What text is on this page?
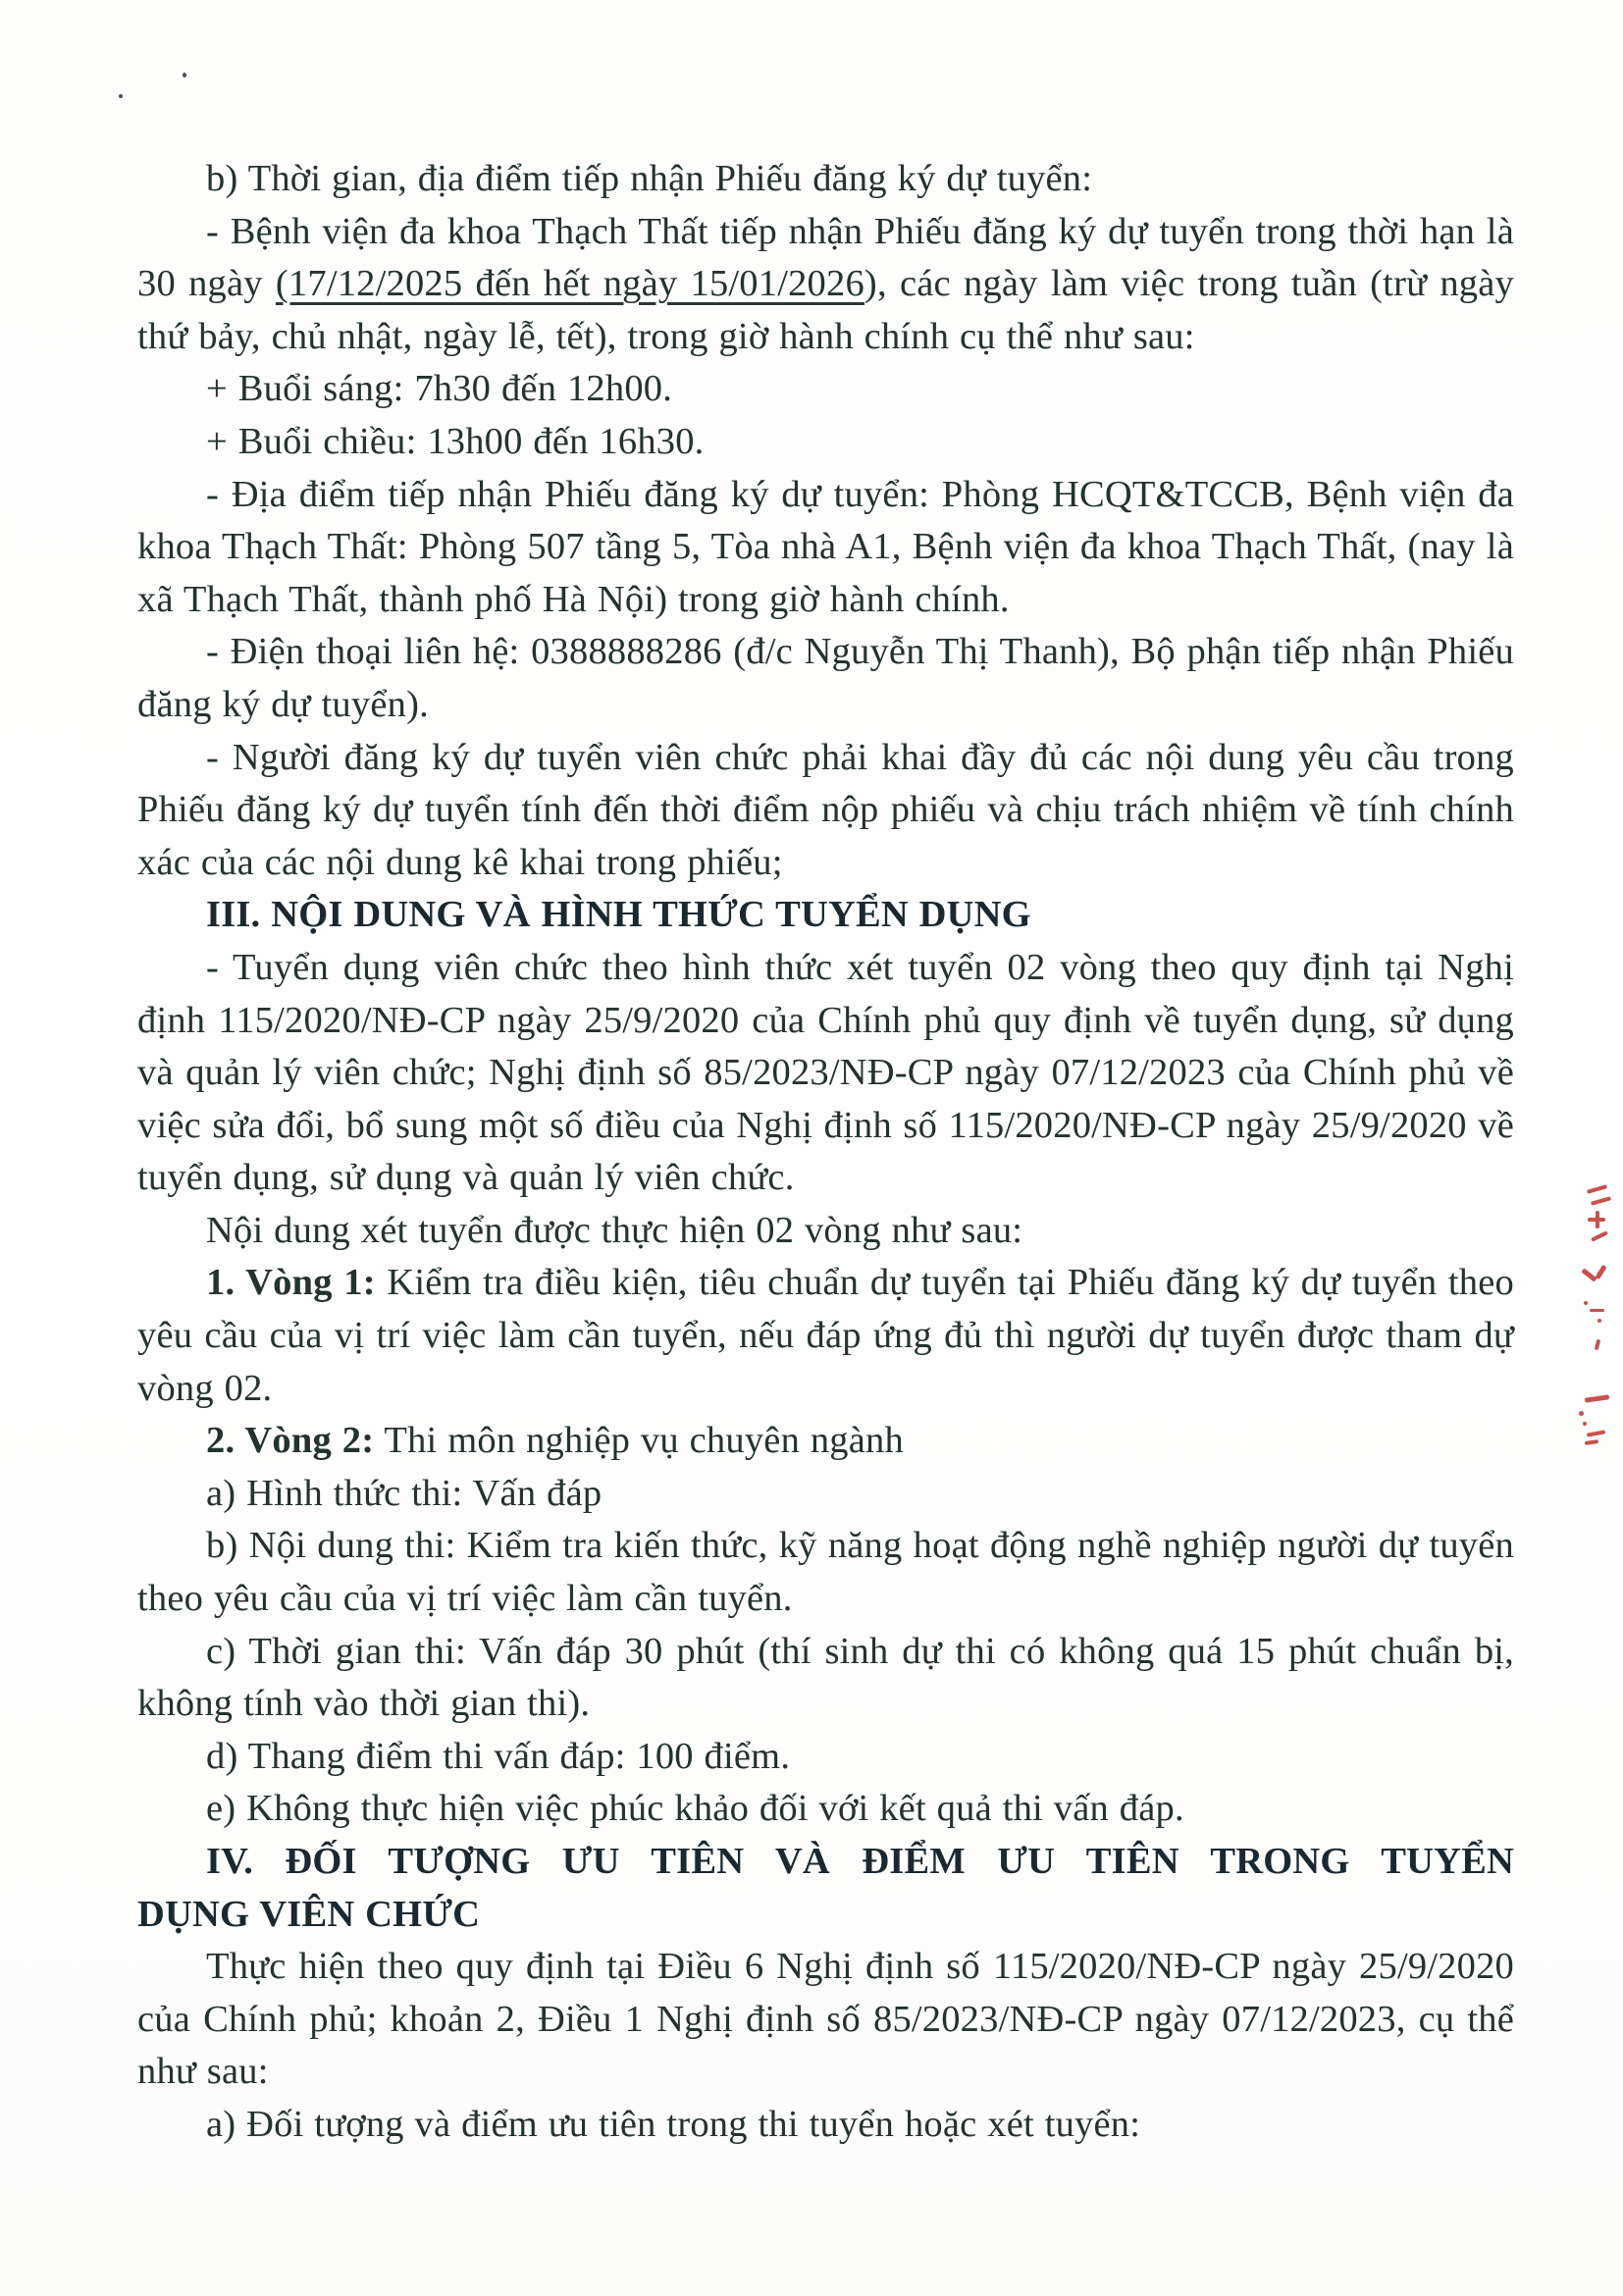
b) Thời gian, địa điểm tiếp nhận Phiếu đăng ký dự tuyển:

- Bệnh viện đa khoa Thạch Thất tiếp nhận Phiếu đăng ký dự tuyển trong thời hạn là 30 ngày (17/12/2025 đến hết ngày 15/01/2026), các ngày làm việc trong tuần (trừ ngày thứ bảy, chủ nhật, ngày lễ, tết), trong giờ hành chính cụ thể như sau:

+ Buổi sáng: 7h30 đến 12h00.

+ Buổi chiều: 13h00 đến 16h30.

- Địa điểm tiếp nhận Phiếu đăng ký dự tuyển: Phòng HCQT&TCCB, Bệnh viện đa khoa Thạch Thất: Phòng 507 tầng 5, Tòa nhà A1, Bệnh viện đa khoa Thạch Thất, (nay là xã Thạch Thất, thành phố Hà Nội) trong giờ hành chính.

- Điện thoại liên hệ: 0388888286 (đ/c Nguyễn Thị Thanh), Bộ phận tiếp nhận Phiếu đăng ký dự tuyển).

- Người đăng ký dự tuyển viên chức phải khai đầy đủ các nội dung yêu cầu trong Phiếu đăng ký dự tuyển tính đến thời điểm nộp phiếu và chịu trách nhiệm về tính chính xác của các nội dung kê khai trong phiếu;

III. NỘI DUNG VÀ HÌNH THỨC TUYỂN DỤNG

- Tuyển dụng viên chức theo hình thức xét tuyển 02 vòng theo quy định tại Nghị định 115/2020/NĐ-CP ngày 25/9/2020 của Chính phủ quy định về tuyển dụng, sử dụng và quản lý viên chức; Nghị định số 85/2023/NĐ-CP ngày 07/12/2023 của Chính phủ về việc sửa đổi, bổ sung một số điều của Nghị định số 115/2020/NĐ-CP ngày 25/9/2020 về tuyển dụng, sử dụng và quản lý viên chức.

Nội dung xét tuyển được thực hiện 02 vòng như sau:

1. Vòng 1: Kiểm tra điều kiện, tiêu chuẩn dự tuyển tại Phiếu đăng ký dự tuyển theo yêu cầu của vị trí việc làm cần tuyển, nếu đáp ứng đủ thì người dự tuyển được tham dự vòng 02.

2. Vòng 2: Thi môn nghiệp vụ chuyên ngành

a) Hình thức thi: Vấn đáp

b) Nội dung thi: Kiểm tra kiến thức, kỹ năng hoạt động nghề nghiệp người dự tuyển theo yêu cầu của vị trí việc làm cần tuyển.

c) Thời gian thi: Vấn đáp 30 phút (thí sinh dự thi có không quá 15 phút chuẩn bị, không tính vào thời gian thi).

d) Thang điểm thi vấn đáp: 100 điểm.

e) Không thực hiện việc phúc khảo đối với kết quả thi vấn đáp.

IV. ĐỐI TƯỢNG ƯU TIÊN VÀ ĐIỂM ƯU TIÊN TRONG TUYỂN

DỤNG VIÊN CHỨC

Thực hiện theo quy định tại Điều 6 Nghị định số 115/2020/NĐ-CP ngày 25/9/2020 của Chính phủ; khoản 2, Điều 1 Nghị định số 85/2023/NĐ-CP ngày 07/12/2023, cụ thể như sau:

a) Đối tượng và điểm ưu tiên trong thi tuyển hoặc xét tuyển:
